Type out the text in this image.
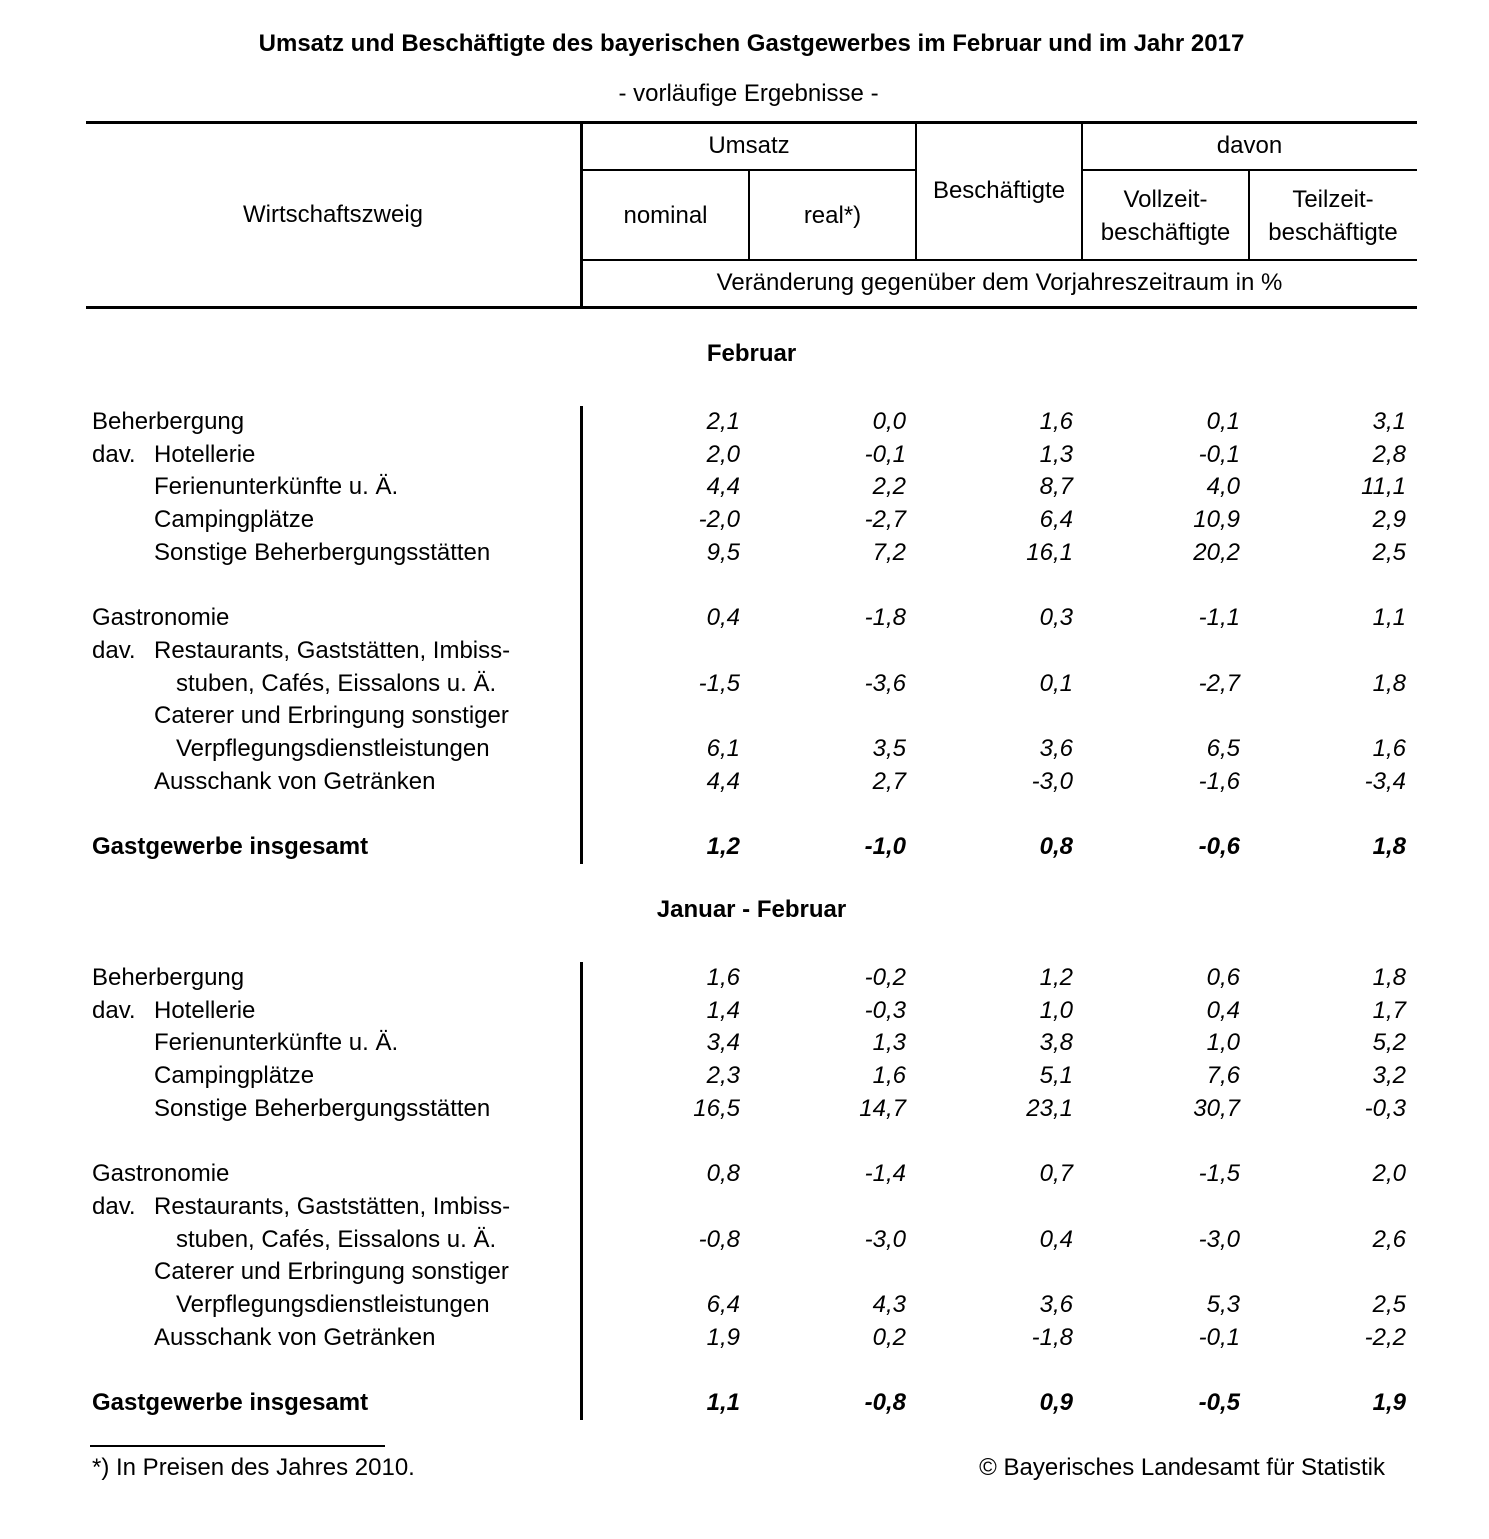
Umsatz und Beschäftigte des bayerischen Gastgewerbes im Februar und im Jahr 2017
- vorläufige Ergebnisse -
Wirtschaftszweig
Umsatz
nominal	real*)
Beschäftigte
davon
Vollzeit-
beschäftigte
Teilzeit-
beschäftigte
Veränderung gegenüber dem Vorjahreszeitraum in %
Februar
Beherbergung	2,1	0,0	1,6	0,1	3,1
dav. Hotellerie	2,0	-0,1	1,3	-0,1	2,8
Ferienunterkünfte u. Ä.	4,4	2,2	8,7	4,0	11,1
Campingplätze	-2,0	-2,7	6,4	10,9	2,9
Sonstige Beherbergungsstätten	9,5	7,2	16,1	20,2	2,5
Gastronomie	0,4	-1,8	0,3	-1,1	1,1
dav. Restaurants, Gaststätten, Imbiss-
stuben, Cafés, Eissalons u. Ä.	-1,5	-3,6	0,1	-2,7	1,8
Caterer und Erbringung sonstiger
Verpflegungsdienstleistungen	6,1	3,5	3,6	6,5	1,6
Ausschank von Getränken	4,4	2,7	-3,0	-1,6	-3,4
Gastgewerbe insgesamt	1,2	-1,0	0,8	-0,6	1,8
Januar - Februar
Beherbergung	1,6	-0,2	1,2	0,6	1,8
dav. Hotellerie	1,4	-0,3	1,0	0,4	1,7
Ferienunterkünfte u. Ä.	3,4	1,3	3,8	1,0	5,2
Campingplätze	2,3	1,6	5,1	7,6	3,2
Sonstige Beherbergungsstätten	16,5	14,7	23,1	30,7	-0,3
Gastronomie	0,8	-1,4	0,7	-1,5	2,0
dav. Restaurants, Gaststätten, Imbiss-
stuben, Cafés, Eissalons u. Ä.	-0,8	-3,0	0,4	-3,0	2,6
Caterer und Erbringung sonstiger
Verpflegungsdienstleistungen	6,4	4,3	3,6	5,3	2,5
Ausschank von Getränken	1,9	0,2	-1,8	-0,1	-2,2
Gastgewerbe insgesamt	1,1	-0,8	0,9	-0,5	1,9
*) In Preisen des Jahres 2010.	© Bayerisches Landesamt für Statistik
